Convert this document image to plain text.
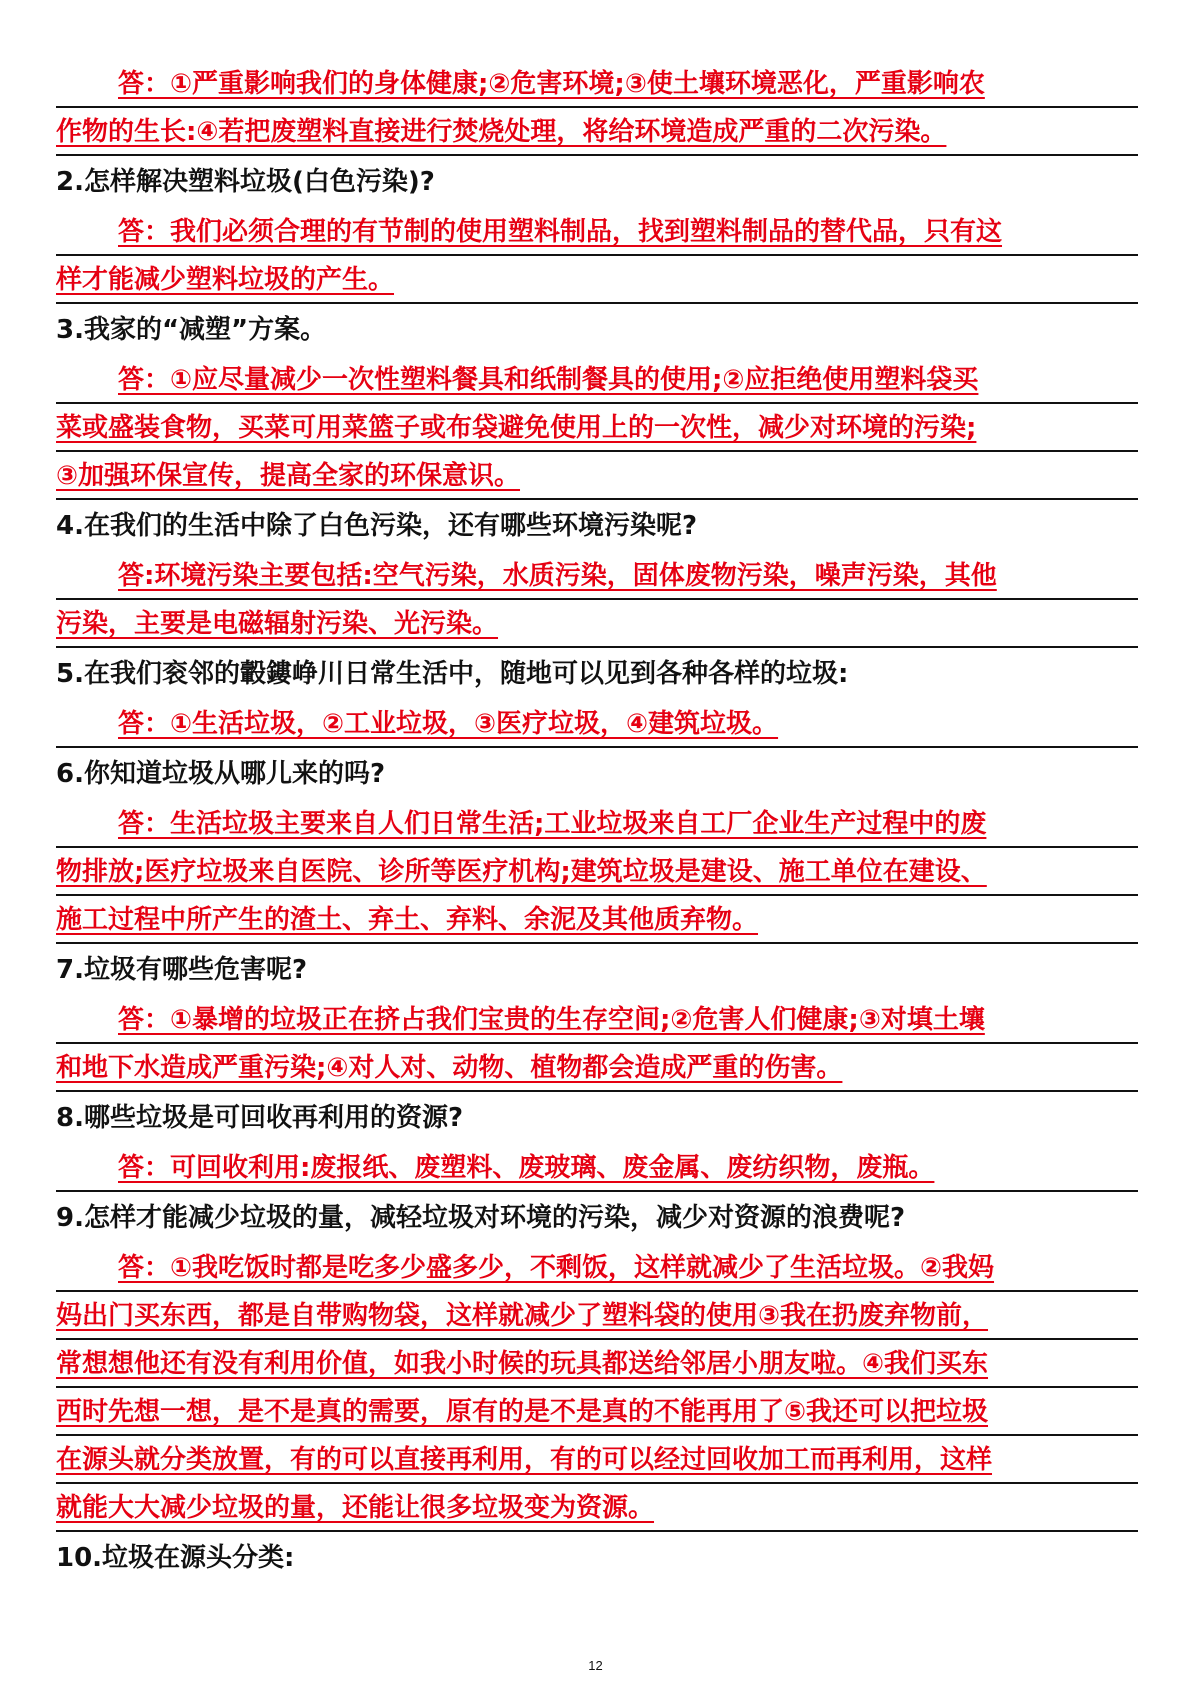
答：①严重影响我们的身体健康;②危害环境;③使土壤环境恶化，严重影响农
作物的生长:④若把废塑料直接进行焚烧处理，将给环境造成严重的二次污染。
2.怎样解决塑料垃圾(白色污染)?
答：我们必须合理的有节制的使用塑料制品，找到塑料制品的替代品，只有这
样才能减少塑料垃圾的产生。
3.我家的“减塑”方案。
答：①应尽量减少一次性塑料餐具和纸制餐具的使用;②应拒绝使用塑料袋买
菜或盛装食物，买菜可用菜篮子或布袋避免使用上的一次性，减少对环境的污染;
③加强环保宣传，提高全家的环保意识。
4.在我们的生活中除了白色污染，还有哪些环境污染呢?
答:环境污染主要包括:空气污染，水质污染，固体废物污染，噪声污染，其他
污染，主要是电磁辐射污染、光污染。
5.在我们衮邻的轂鏤峥川日常生活中，随地可以见到各种各样的垃圾:
答：①生活垃圾，②工业垃圾，③医疗垃圾，④建筑垃圾。
6.你知道垃圾从哪儿来的吗?
答：生活垃圾主要来自人们日常生活;工业垃圾来自工厂企业生产过程中的废
物排放;医疗垃圾来自医院、诊所等医疗机构;建筑垃圾是建设、施工单位在建设、
施工过程中所产生的渣土、弃土、弃料、余泥及其他质弃物。
7.垃圾有哪些危害呢?
答：①暴增的垃圾正在挤占我们宝贵的生存空间;②危害人们健康;③对填土壤
和地下水造成严重污染;④对人对、动物、植物都会造成严重的伤害。
8.哪些垃圾是可回收再利用的资源?
答：可回收利用:废报纸、废塑料、废玻璃、废金属、废纺织物，废瓶。
9.怎样才能减少垃圾的量，减轻垃圾对环境的污染，减少对资源的浪费呢?
答：①我吃饭时都是吃多少盛多少，不剩饭，这样就减少了生活垃圾。②我妈
妈出门买东西，都是自带购物袋，这样就减少了塑料袋的使用③我在扔废弃物前，
常想想他还有没有利用价值，如我小时候的玩具都送给邻居小朋友啦。④我们买东
西时先想一想，是不是真的需要，原有的是不是真的不能再用了⑤我还可以把垃圾
在源头就分类放置，有的可以直接再利用，有的可以经过回收加工而再利用，这样
就能大大减少垃圾的量，还能让很多垃圾变为资源。
10.垃圾在源头分类:
12
